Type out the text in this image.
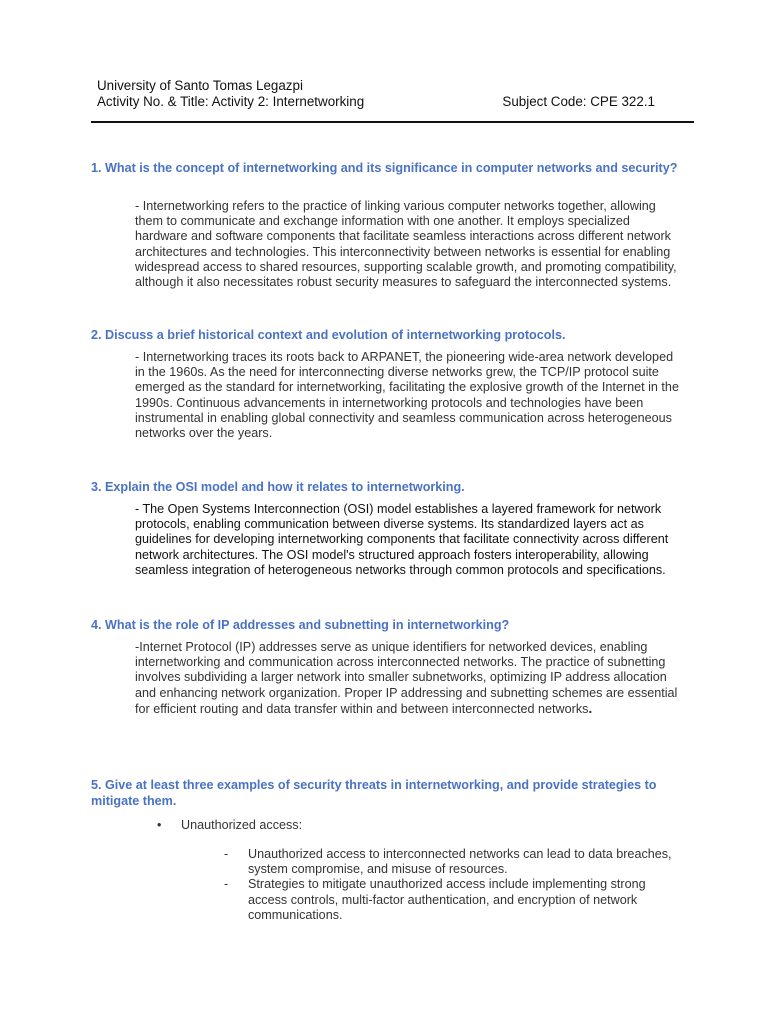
University of Santo Tomas Legazpi
Activity No. & Title: Activity 2: Internetworking	Subject Code: CPE 322.1
1. What is the concept of internetworking and its significance in computer networks and security?
- Internetworking refers to the practice of linking various computer networks together, allowing them to communicate and exchange information with one another. It employs specialized hardware and software components that facilitate seamless interactions across different network architectures and technologies. This interconnectivity between networks is essential for enabling widespread access to shared resources, supporting scalable growth, and promoting compatibility, although it also necessitates robust security measures to safeguard the interconnected systems.
2. Discuss a brief historical context and evolution of internetworking protocols.
- Internetworking traces its roots back to ARPANET, the pioneering wide-area network developed in the 1960s. As the need for interconnecting diverse networks grew, the TCP/IP protocol suite emerged as the standard for internetworking, facilitating the explosive growth of the Internet in the 1990s. Continuous advancements in internetworking protocols and technologies have been instrumental in enabling global connectivity and seamless communication across heterogeneous networks over the years.
3. Explain the OSI model and how it relates to internetworking.
- The Open Systems Interconnection (OSI) model establishes a layered framework for network protocols, enabling communication between diverse systems. Its standardized layers act as guidelines for developing internetworking components that facilitate connectivity across different network architectures. The OSI model's structured approach fosters interoperability, allowing seamless integration of heterogeneous networks through common protocols and specifications.
4. What is the role of IP addresses and subnetting in internetworking?
-Internet Protocol (IP) addresses serve as unique identifiers for networked devices, enabling internetworking and communication across interconnected networks. The practice of subnetting involves subdividing a larger network into smaller subnetworks, optimizing IP address allocation and enhancing network organization. Proper IP addressing and subnetting schemes are essential for efficient routing and data transfer within and between interconnected networks.
5. Give at least three examples of security threats in internetworking, and provide strategies to mitigate them.
• Unauthorized access:
-	Unauthorized access to interconnected networks can lead to data breaches, system compromise, and misuse of resources.
-	Strategies to mitigate unauthorized access include implementing strong access controls, multi-factor authentication, and encryption of network communications.
